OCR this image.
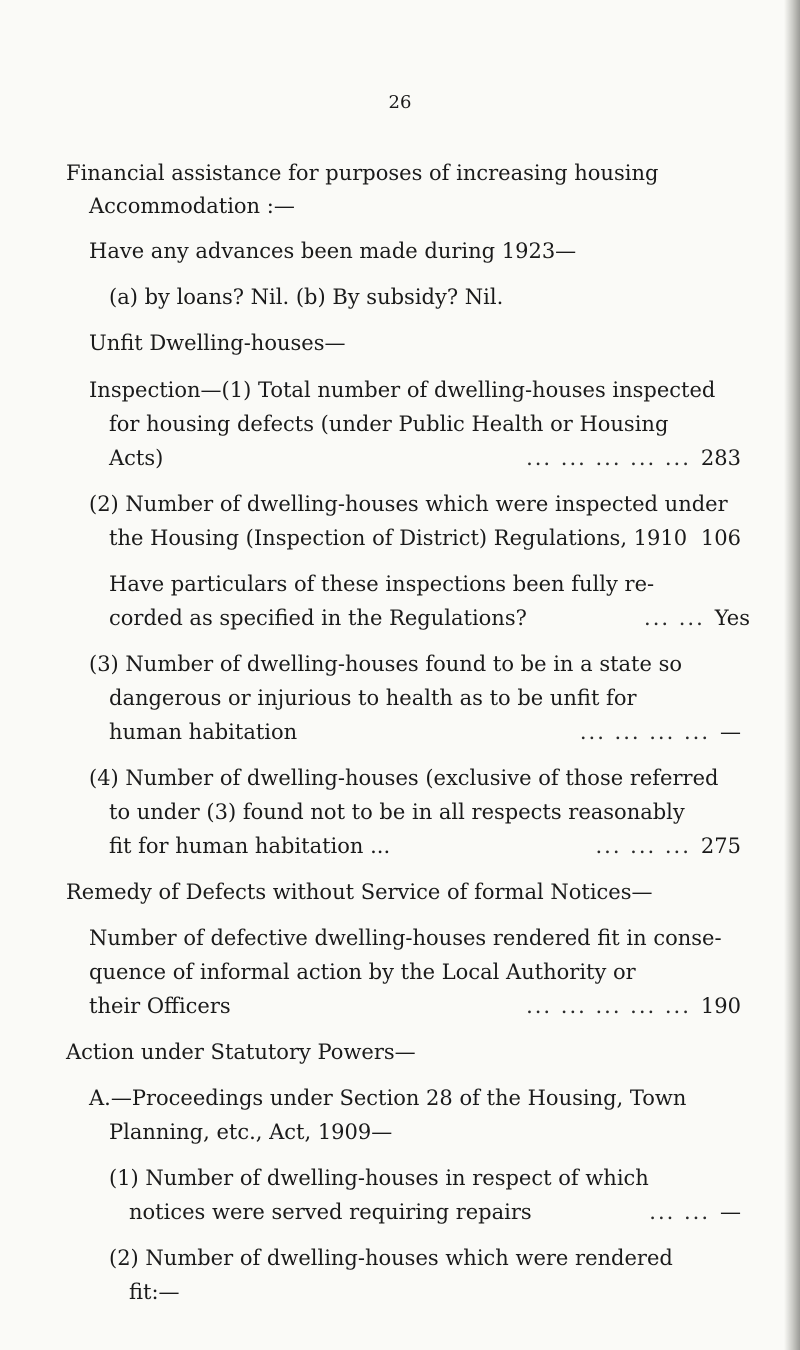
26
Financial assistance for purposes of increasing housing
Accommodation :—
Have any advances been made during 1923—
(a) by loans? Nil. (b) By subsidy? Nil.
Unfit Dwelling-houses—
Inspection—(1) Total number of dwelling-houses inspected
for housing defects (under Public Health or Housing
Acts)	... ... ... ... ... 283
(2) Number of dwelling-houses which were inspected under
the Housing (Inspection of District) Regulations, 1910 106
Have particulars of these inspections been fully re-
corded as specified in the Regulations?	... ... Yes
(3) Number of dwelling-houses found to be in a state so
dangerous or injurious to health as to be unfit for
human habitation	... ... ... ... —
(4) Number of dwelling-houses (exclusive of those referred
to under (3) found not to be in all respects reasonably
fit for human habitation ...	... ... ... 275
Remedy of Defects without Service of formal Notices—
Number of defective dwelling-houses rendered fit in conse-
quence of informal action by the Local Authority or
their Officers	... ... ... ... ... 190
Action under Statutory Powers—
A.—Proceedings under Section 28 of the Housing, Town
Planning, etc., Act, 1909—
(1) Number of dwelling-houses in respect of which
notices were served requiring repairs	... ... —
(2) Number of dwelling-houses which were rendered
fit:—
